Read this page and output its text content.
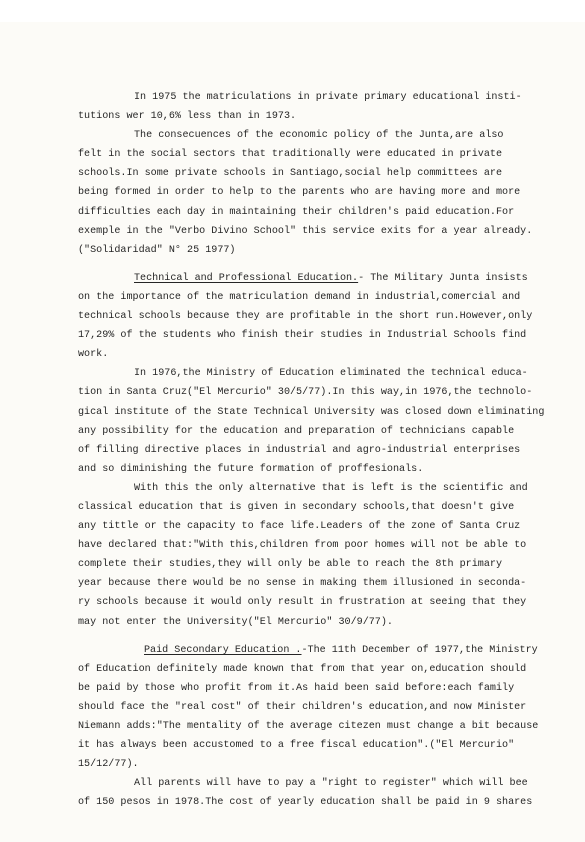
In 1975 the matriculations in private primary educational insti-

tutions wer 10,6% less than in 1973.

The consecuences of the economic policy of the Junta,are also

felt in the social sectors that traditionally were educated in private

schools.In some private schools in Santiago,social help committees are

being formed in order to help to the parents who are having more and more

difficulties each day in maintaining their children's paid education.For

exemple in the "Verbo Divino School" this service exits for a year already.

("Solidaridad" N° 25 1977)

Technical and Professional Education.- The Military Junta insists

on the importance of the matriculation demand in industrial,comercial and

technical schools because they are profitable in the short run.However,only

17,29% of the students who finish their studies in Industrial Schools find

work.

In 1976,the Ministry of Education eliminated the technical educa-

tion in Santa Cruz("El Mercurio" 30/5/77).In this way,in 1976,the technolo-

gical institute of the State Technical University was closed down eliminating

any possibility for the education and preparation of technicians capable

of filling directive places in industrial and agro-industrial enterprises

and so diminishing the future formation of proffesionals.

With this the only alternative that is left is the scientific and

classical education that is given in secondary schools,that doesn't give

any tittle or the capacity to face life.Leaders of the zone of Santa Cruz

have declared that:"With this,children from poor homes will not be able to

complete their studies,they will only be able to reach the 8th primary

year because there would be no sense in making them illusioned in seconda-

ry schools because it would only result in frustration at seeing that they

may not enter the University("El Mercurio" 30/9/77).

Paid Secondary Education .-The 11th December of 1977,the Ministry

of Education definitely made known that from that year on,education should

be paid by those who profit from it.As haid been said before:each family

should face the "real cost" of their children's education,and now Minister

Niemann adds:"The mentality of the average citezen must change a bit because

it has always been accustomed to a free fiscal education".("El Mercurio"

15/12/77).

All parents will have to pay a "right to register" which will bee

of 150 pesos in 1978.The cost of yearly education shall be paid in 9 shares
